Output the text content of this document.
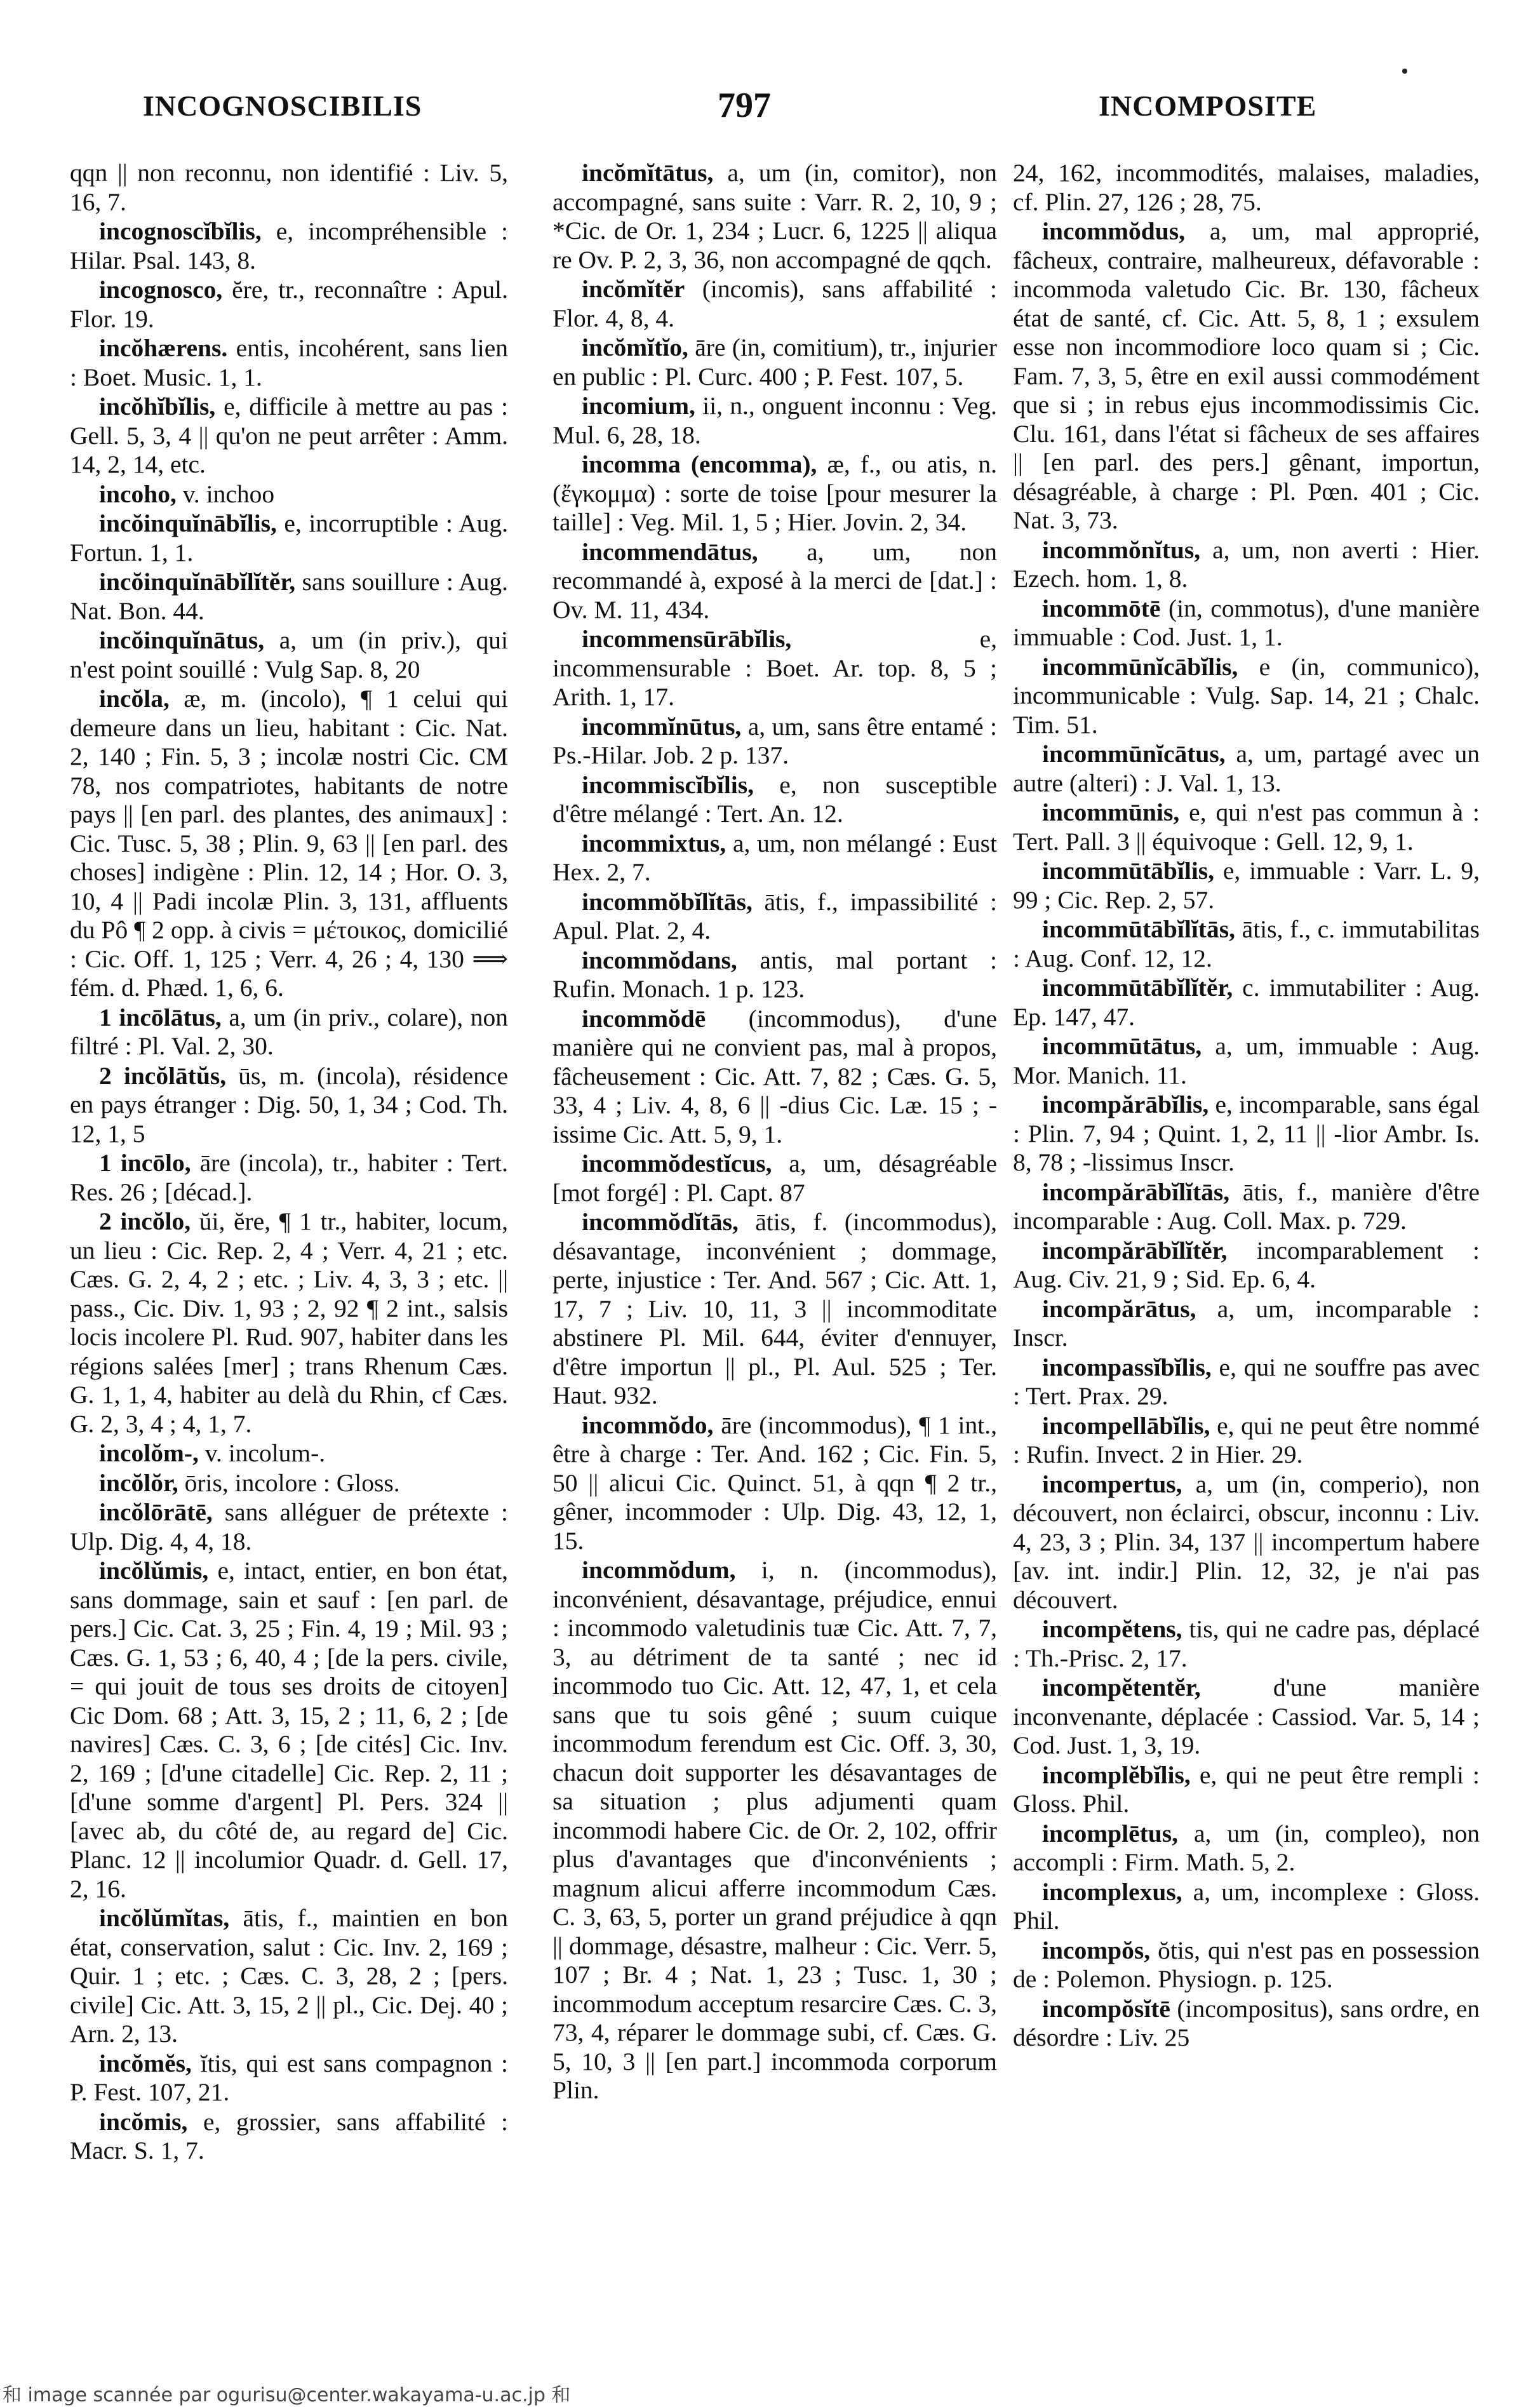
INCOGNOSCIBILIS	797	INCOMPOSITE

qqn || non reconnu, non identifié : Liv. 5, 16, 7.

incognoscĭbĭlis, e, incompréhensible : Hilar. Psal. 143, 8.

incognosco, ĕre, tr., reconnaître : Apul. Flor. 19.

incŏhærens. entis, incohérent, sans lien : Boet. Music. 1, 1.

incŏhĭbĭlis, e, difficile à mettre au pas : Gell. 5, 3, 4 || qu'on ne peut arrêter : Amm. 14, 2, 14, etc.

incoho, v. inchoo

incŏinquĭnābĭlis, e, incorruptible : Aug. Fortun. 1, 1.

incŏinquĭnābĭlĭtĕr, sans souillure : Aug. Nat. Bon. 44.

incŏinquĭnātus, a, um (in priv.), qui n'est point souillé : Vulg Sap. 8, 20

incŏla, æ, m. (incolo), ¶ 1 celui qui demeure dans un lieu, habitant : Cic. Nat. 2, 140 ; Fin. 5, 3 ; incolæ nostri Cic. CM 78, nos compatriotes, habitants de notre pays || [en parl. des plantes, des animaux] : Cic. Tusc. 5, 38 ; Plin. 9, 63 || [en parl. des choses] indigène : Plin. 12, 14 ; Hor. O. 3, 10, 4 || Padi incolæ Plin. 3, 131, affluents du Pô ¶ 2 opp. à civis = μέτοικος, domicilié : Cic. Off. 1, 125 ; Verr. 4, 26 ; 4, 130 ⟹ fém. d. Phæd. 1, 6, 6.

1 incōlātus, a, um (in priv., colare), non filtré : Pl. Val. 2, 30.

2 incŏlātŭs, ūs, m. (incola), résidence en pays étranger : Dig. 50, 1, 34 ; Cod. Th. 12, 1, 5

1 incōlo, āre (incola), tr., habiter : Tert. Res. 26 ; [décad.].

2 incŏlo, ŭi, ĕre, ¶ 1 tr., habiter, locum, un lieu : Cic. Rep. 2, 4 ; Verr. 4, 21 ; etc. Cæs. G. 2, 4, 2 ; etc. ; Liv. 4, 3, 3 ; etc. || pass., Cic. Div. 1, 93 ; 2, 92 ¶ 2 int., salsis locis incolere Pl. Rud. 907, habiter dans les régions salées [mer] ; trans Rhenum Cæs. G. 1, 1, 4, habiter au delà du Rhin, cf Cæs. G. 2, 3, 4 ; 4, 1, 7.

incolŏm-, v. incolum-.

incŏlŏr, ōris, incolore : Gloss.

incŏlōrātē, sans alléguer de prétexte : Ulp. Dig. 4, 4, 18.

incŏlŭmis, e, intact, entier, en bon état, sans dommage, sain et sauf : [en parl. de pers.] Cic. Cat. 3, 25 ; Fin. 4, 19 ; Mil. 93 ; Cæs. G. 1, 53 ; 6, 40, 4 ; [de la pers. civile, = qui jouit de tous ses droits de citoyen] Cic Dom. 68 ; Att. 3, 15, 2 ; 11, 6, 2 ; [de navires] Cæs. C. 3, 6 ; [de cités] Cic. Inv. 2, 169 ; [d'une citadelle] Cic. Rep. 2, 11 ; [d'une somme d'argent] Pl. Pers. 324 || [avec ab, du côté de, au regard de] Cic. Planc. 12 || incolumior Quadr. d. Gell. 17, 2, 16.

incŏlŭmĭtas, ātis, f., maintien en bon état, conservation, salut : Cic. Inv. 2, 169 ; Quir. 1 ; etc. ; Cæs. C. 3, 28, 2 ; [pers. civile] Cic. Att. 3, 15, 2 || pl., Cic. Dej. 40 ; Arn. 2, 13.

incŏmĕs, ĭtis, qui est sans compagnon : P. Fest. 107, 21.

incŏmis, e, grossier, sans affabilité : Macr. S. 1, 7.

incŏmĭtātus, a, um (in, comitor), non accompagné, sans suite : Varr. R. 2, 10, 9 ; *Cic. de Or. 1, 234 ; Lucr. 6, 1225 || aliqua re Ov. P. 2, 3, 36, non accompagné de qqch.

incŏmĭtĕr (incomis), sans affabilité : Flor. 4, 8, 4.

incŏmĭtĭo, āre (in, comitium), tr., injurier en public : Pl. Curc. 400 ; P. Fest. 107, 5.

incomium, ii, n., onguent inconnu : Veg. Mul. 6, 28, 18.

incomma (encomma), æ, f., ou atis, n. (ἔγκομμα) : sorte de toise [pour mesurer la taille] : Veg. Mil. 1, 5 ; Hier. Jovin. 2, 34.

incommendātus, a, um, non recommandé à, exposé à la merci de [dat.] : Ov. M. 11, 434.

incommensūrābĭlis,	e, incommensurable : Boet. Ar. top. 8, 5 ; Arith. 1, 17.

incommĭnūtus, a, um, sans être entamé : Ps.-Hilar. Job. 2 p. 137.

incommiscĭbĭlis, e, non susceptible d'être mélangé : Tert. An. 12.

incommixtus, a, um, non mélangé : Eust Hex. 2, 7.

incommŏbĭlĭtās, ātis, f., impassibilité : Apul. Plat. 2, 4.

incommŏdans, antis, mal portant : Rufin. Monach. 1 p. 123.

incommŏdē (incommodus), d'une manière qui ne convient pas, mal à propos, fâcheusement : Cic. Att. 7, 82 ; Cæs. G. 5, 33, 4 ; Liv. 4, 8, 6 || -dius Cic. Læ. 15 ; -issime Cic. Att. 5, 9, 1.

incommŏdestĭcus, a, um, désagréable [mot forgé] : Pl. Capt. 87

incommŏdĭtās, ātis, f. (incommodus), désavantage, inconvénient ; dommage, perte, injustice : Ter. And. 567 ; Cic. Att. 1, 17, 7 ; Liv. 10, 11, 3 || incommoditate abstinere Pl. Mil. 644, éviter d'ennuyer, d'être importun || pl., Pl. Aul. 525 ; Ter. Haut. 932.

incommŏdo, āre (incommodus), ¶ 1 int., être à charge : Ter. And. 162 ; Cic. Fin. 5, 50 || alicui Cic. Quinct. 51, à qqn ¶ 2 tr., gêner, incommoder : Ulp. Dig. 43, 12, 1, 15.

incommŏdum, i, n. (incommodus), inconvénient, désavantage, préjudice, ennui : incommodo valetudinis tuæ Cic. Att. 7, 7, 3, au détriment de ta santé ; nec id incommodo tuo Cic. Att. 12, 47, 1, et cela sans que tu sois gêné ; suum cuique incommodum ferendum est Cic. Off. 3, 30, chacun doit supporter les désavantages de sa situation ; plus adjumenti quam incommodi habere Cic. de Or. 2, 102, offrir plus d'avantages que d'inconvénients ; magnum alicui afferre incommodum Cæs. C. 3, 63, 5, porter un grand préjudice à qqn || dommage, désastre, malheur : Cic. Verr. 5, 107 ; Br. 4 ; Nat. 1, 23 ; Tusc. 1, 30 ; incommodum acceptum resarcire Cæs. C. 3, 73, 4, réparer le dommage subi, cf. Cæs. G. 5, 10, 3 || [en part.] incommoda corporum Plin.

24, 162, incommodités, malaises, maladies, cf. Plin. 27, 126 ; 28, 75.

incommŏdus, a, um, mal approprié, fâcheux, contraire, malheureux, défavorable : incommoda valetudo Cic. Br. 130, fâcheux état de santé, cf. Cic. Att. 5, 8, 1 ; exsulem esse non incommodiore loco quam si ; Cic. Fam. 7, 3, 5, être en exil aussi commodément que si ; in rebus ejus incommodissimis Cic. Clu. 161, dans l'état si fâcheux de ses affaires || [en parl. des pers.] gênant, importun, désagréable, à charge : Pl. Pœn. 401 ; Cic. Nat. 3, 73.

incommŏnĭtus, a, um, non averti : Hier. Ezech. hom. 1, 8.

incommōtē (in, commotus), d'une manière immuable : Cod. Just. 1, 1.

incommūnĭcābĭlis, e (in, communico), incommunicable : Vulg. Sap. 14, 21 ; Chalc. Tim. 51.

incommūnĭcātus, a, um, partagé avec un autre (alteri) : J. Val. 1, 13.

incommūnis, e, qui n'est pas commun à : Tert. Pall. 3 || équivoque : Gell. 12, 9, 1.

incommūtābĭlis, e, immuable : Varr. L. 9, 99 ; Cic. Rep. 2, 57.

incommūtābĭlĭtās, ātis, f., c. immutabilitas : Aug. Conf. 12, 12.

incommūtābĭlĭtĕr, c. immutabiliter : Aug. Ep. 147, 47.

incommūtātus, a, um, immuable : Aug. Mor. Manich. 11.

incompărābĭlis, e, incomparable, sans égal : Plin. 7, 94 ; Quint. 1, 2, 11 || -lior Ambr. Is. 8, 78 ; -lissimus Inscr.

incompărābĭlĭtās, ātis, f., manière d'être incomparable : Aug. Coll. Max. p. 729.

incompărābĭlĭtĕr, incomparablement : Aug. Civ. 21, 9 ; Sid. Ep. 6, 4.

incompărātus, a, um, incomparable : Inscr.

incompassĭbĭlis, e, qui ne souffre pas avec : Tert. Prax. 29.

incompellābĭlis, e, qui ne peut être nommé : Rufin. Invect. 2 in Hier. 29.

incompertus, a, um (in, comperio), non découvert, non éclairci, obscur, inconnu : Liv. 4, 23, 3 ; Plin. 34, 137 || incompertum habere [av. int. indir.] Plin. 12, 32, je n'ai pas découvert.

incompĕtens, tis, qui ne cadre pas, déplacé : Th.-Prisc. 2, 17.

incompĕtentĕr,	d'une manière inconvenante, déplacée : Cassiod. Var. 5, 14 ; Cod. Just. 1, 3, 19.

incomplĕbĭlis, e, qui ne peut être rempli : Gloss. Phil.

incomplētus, a, um (in, compleo), non accompli : Firm. Math. 5, 2.

incomplexus, a, um, incomplexe : Gloss. Phil.

incompŏs, ŏtis, qui n'est pas en possession de : Polemon. Physiogn. p. 125.

incompŏsĭtē (incompositus), sans ordre, en désordre : Liv. 25

和 image scannée par ogurisu@center.wakayama-u.ac.jp 和
